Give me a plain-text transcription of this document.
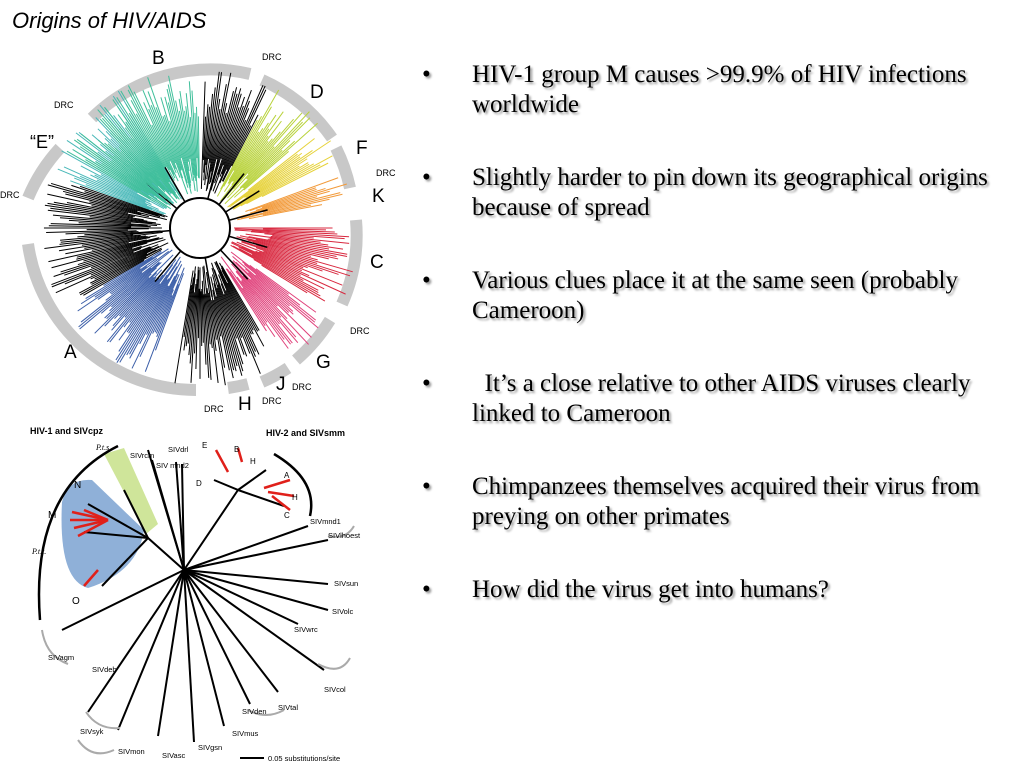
Origins of HIV/AIDS
B
D
F
K
C
G
J
H
A
“E”
DRC
DRC
DRC
DRC
DRC
DRC
DRC
DRC
HIV-1 and SIVcpz	HIV-2 and SIVsmm
N
M
O
P.t.s.
P.t.t.
E	B
H
A
D
H
C
SIVrcm
SIVdrl
SIV mnd2
SIVmnd1
SIVlhoest
SIVsun
SIVolc
SIVwrc
SIVcol
SIVtal
SIVden
SIVmus
SIVgsn
SIVasc
SIVmon
SIVsyk
SIVdeb
SIVagm
0.05 substitutions/site
• HIV-1 group M causes >99.9% of HIV infections worldwide
• Slightly harder to pin down its geographical origins because of spread
• Various clues place it at the same seen (probably Cameroon)
• It’s a close relative to other AIDS viruses clearly linked to Cameroon
• Chimpanzees themselves acquired their virus from preying on other primates
• How did the virus get into humans?
